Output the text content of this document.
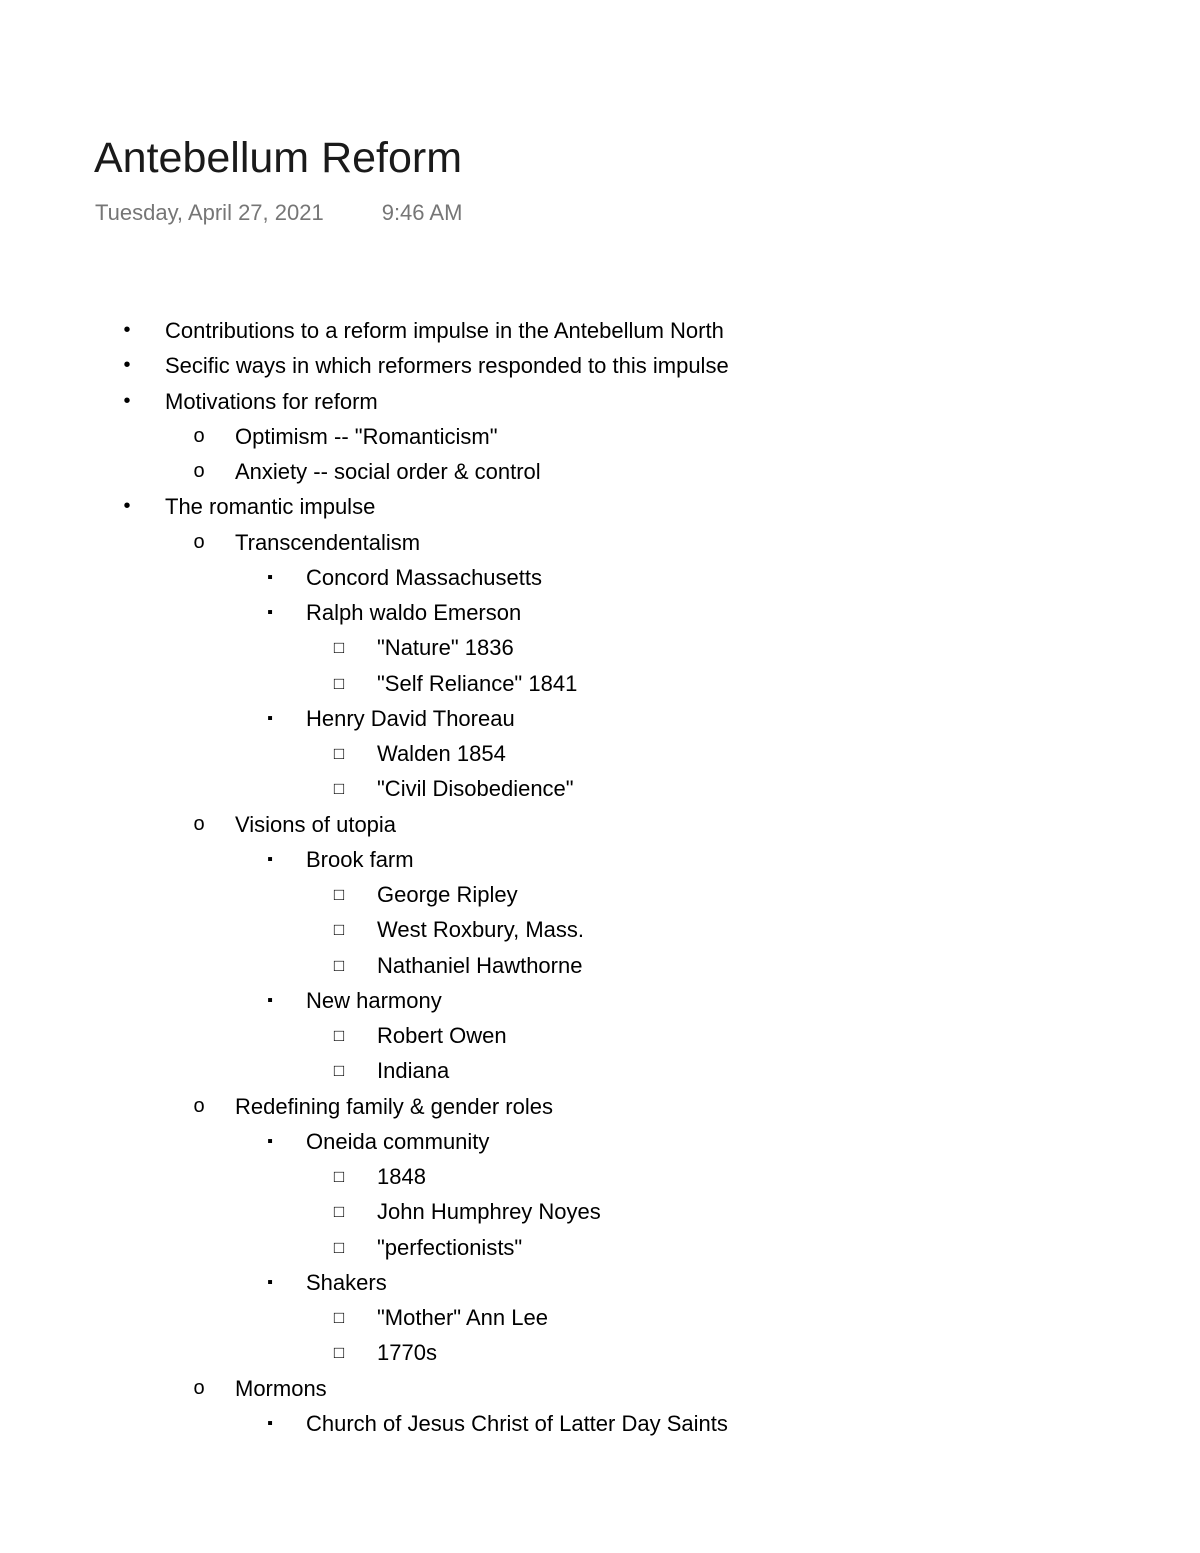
Antebellum Reform
Tuesday, April 27, 2021	9:46 AM
• Contributions to a reform impulse in the Antebellum North
• Secific ways in which reformers responded to this impulse
• Motivations for reform
o Optimism -- "Romanticism"
o Anxiety -- social order & control
• The romantic impulse
o Transcendentalism
▪	Concord Massachusetts
▪	Ralph waldo Emerson
□ "Nature" 1836
□ "Self Reliance" 1841
▪	Henry David Thoreau
□ Walden 1854
□ "Civil Disobedience"
o Visions of utopia
▪	Brook farm
□ George Ripley
□ West Roxbury, Mass.
□ Nathaniel Hawthorne
▪	New harmony
□ Robert Owen
□ Indiana
o Redefining family & gender roles
▪	Oneida community
□ 1848
□ John Humphrey Noyes
□ "perfectionists"
▪	Shakers
□ "Mother" Ann Lee
□ 1770s
o Mormons
▪	Church of Jesus Christ of Latter Day Saints
